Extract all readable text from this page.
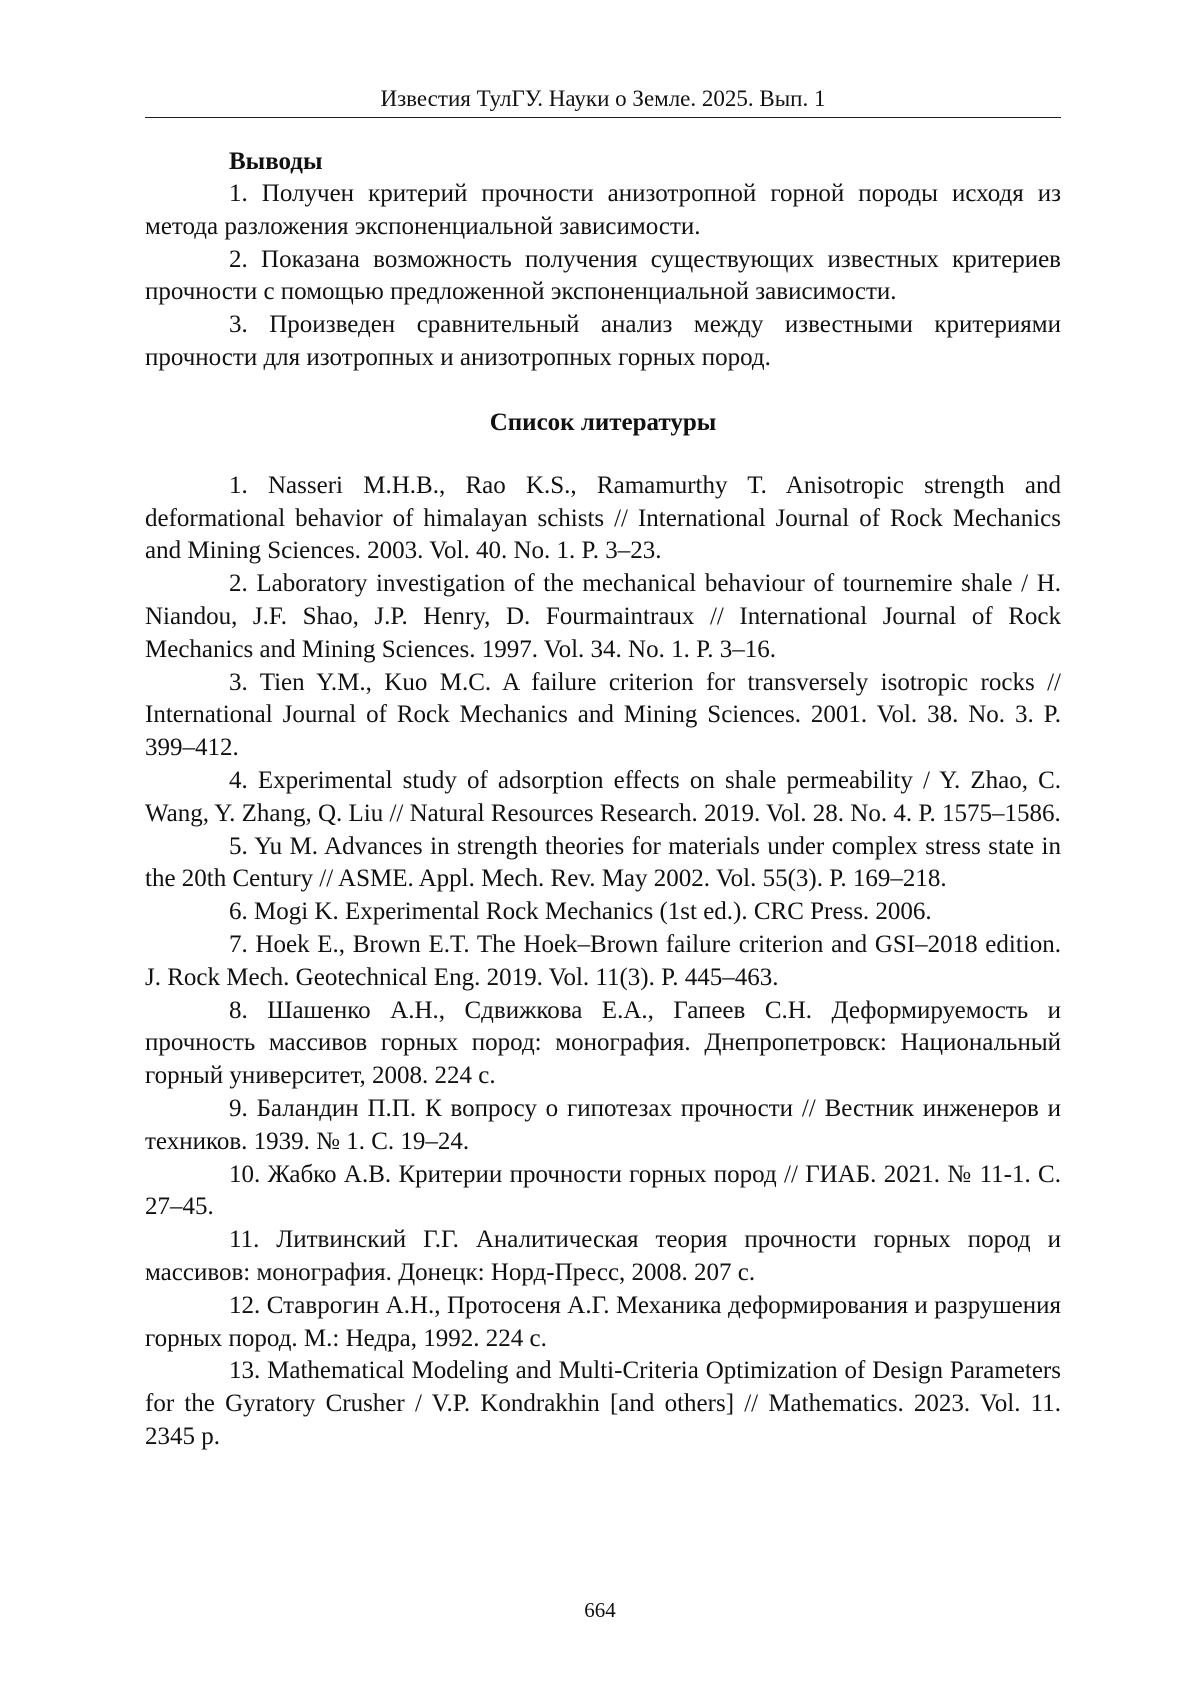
Известия ТулГУ. Науки о Земле. 2025. Вып. 1

Выводы

1. Получен критерий прочности анизотропной горной породы исходя из метода разложения экспоненциальной зависимости.

2. Показана возможность получения существующих известных критериев прочности с помощью предложенной экспоненциальной зависимости.

3. Произведен сравнительный анализ между известными критериями прочности для изотропных и анизотропных горных пород.

Список литературы

1. Nasseri M.H.B., Rao K.S., Ramamurthy T. Anisotropic strength and deformational behavior of himalayan schists // International Journal of Rock Mechanics and Mining Sciences. 2003. Vol. 40. No. 1. P. 3–23.

2. Laboratory investigation of the mechanical behaviour of tournemire shale / H. Niandou, J.F. Shao, J.P. Henry, D. Fourmaintraux // International Journal of Rock Mechanics and Mining Sciences. 1997. Vol. 34. No. 1. P. 3–16.

3. Tien Y.M., Kuo M.C. A failure criterion for transversely isotropic rocks // International Journal of Rock Mechanics and Mining Sciences. 2001. Vol. 38. No. 3. P. 399–412.

4. Experimental study of adsorption effects on shale permeability / Y. Zhao, C. Wang, Y. Zhang, Q. Liu // Natural Resources Research. 2019. Vol. 28. No. 4. P. 1575–1586.

5. Yu M. Advances in strength theories for materials under complex stress state in the 20th Century // ASME. Appl. Mech. Rev. May 2002. Vol. 55(3). P. 169–218.

6. Mogi K. Experimental Rock Mechanics (1st ed.). CRC Press. 2006.

7. Hoek E., Brown E.T. The Hoek–Brown failure criterion and GSI–2018 edition. J. Rock Mech. Geotechnical Eng. 2019. Vol. 11(3). P. 445–463.

8. Шашенко А.Н., Сдвижкова Е.А., Гапеев С.Н. Деформируемость и прочность массивов горных пород: монография. Днепропетровск: Национальный горный университет, 2008. 224 с.

9. Баландин П.П. К вопросу о гипотезах прочности // Вестник инженеров и техников. 1939. № 1. С. 19–24.

10. Жабко А.В. Критерии прочности горных пород // ГИАБ. 2021. № 11-1. С. 27–45.

11. Литвинский Г.Г. Аналитическая теория прочности горных пород и массивов: монография. Донецк: Норд-Пресс, 2008. 207 с.

12. Ставрогин А.Н., Протосеня А.Г. Механика деформирования и разрушения горных пород. М.: Недра, 1992. 224 с.

13. Mathematical Modeling and Multi-Criteria Optimization of Design Parameters for the Gyratory Crusher / V.P. Kondrakhin [and others] // Mathematics. 2023. Vol. 11. 2345 p.

664
